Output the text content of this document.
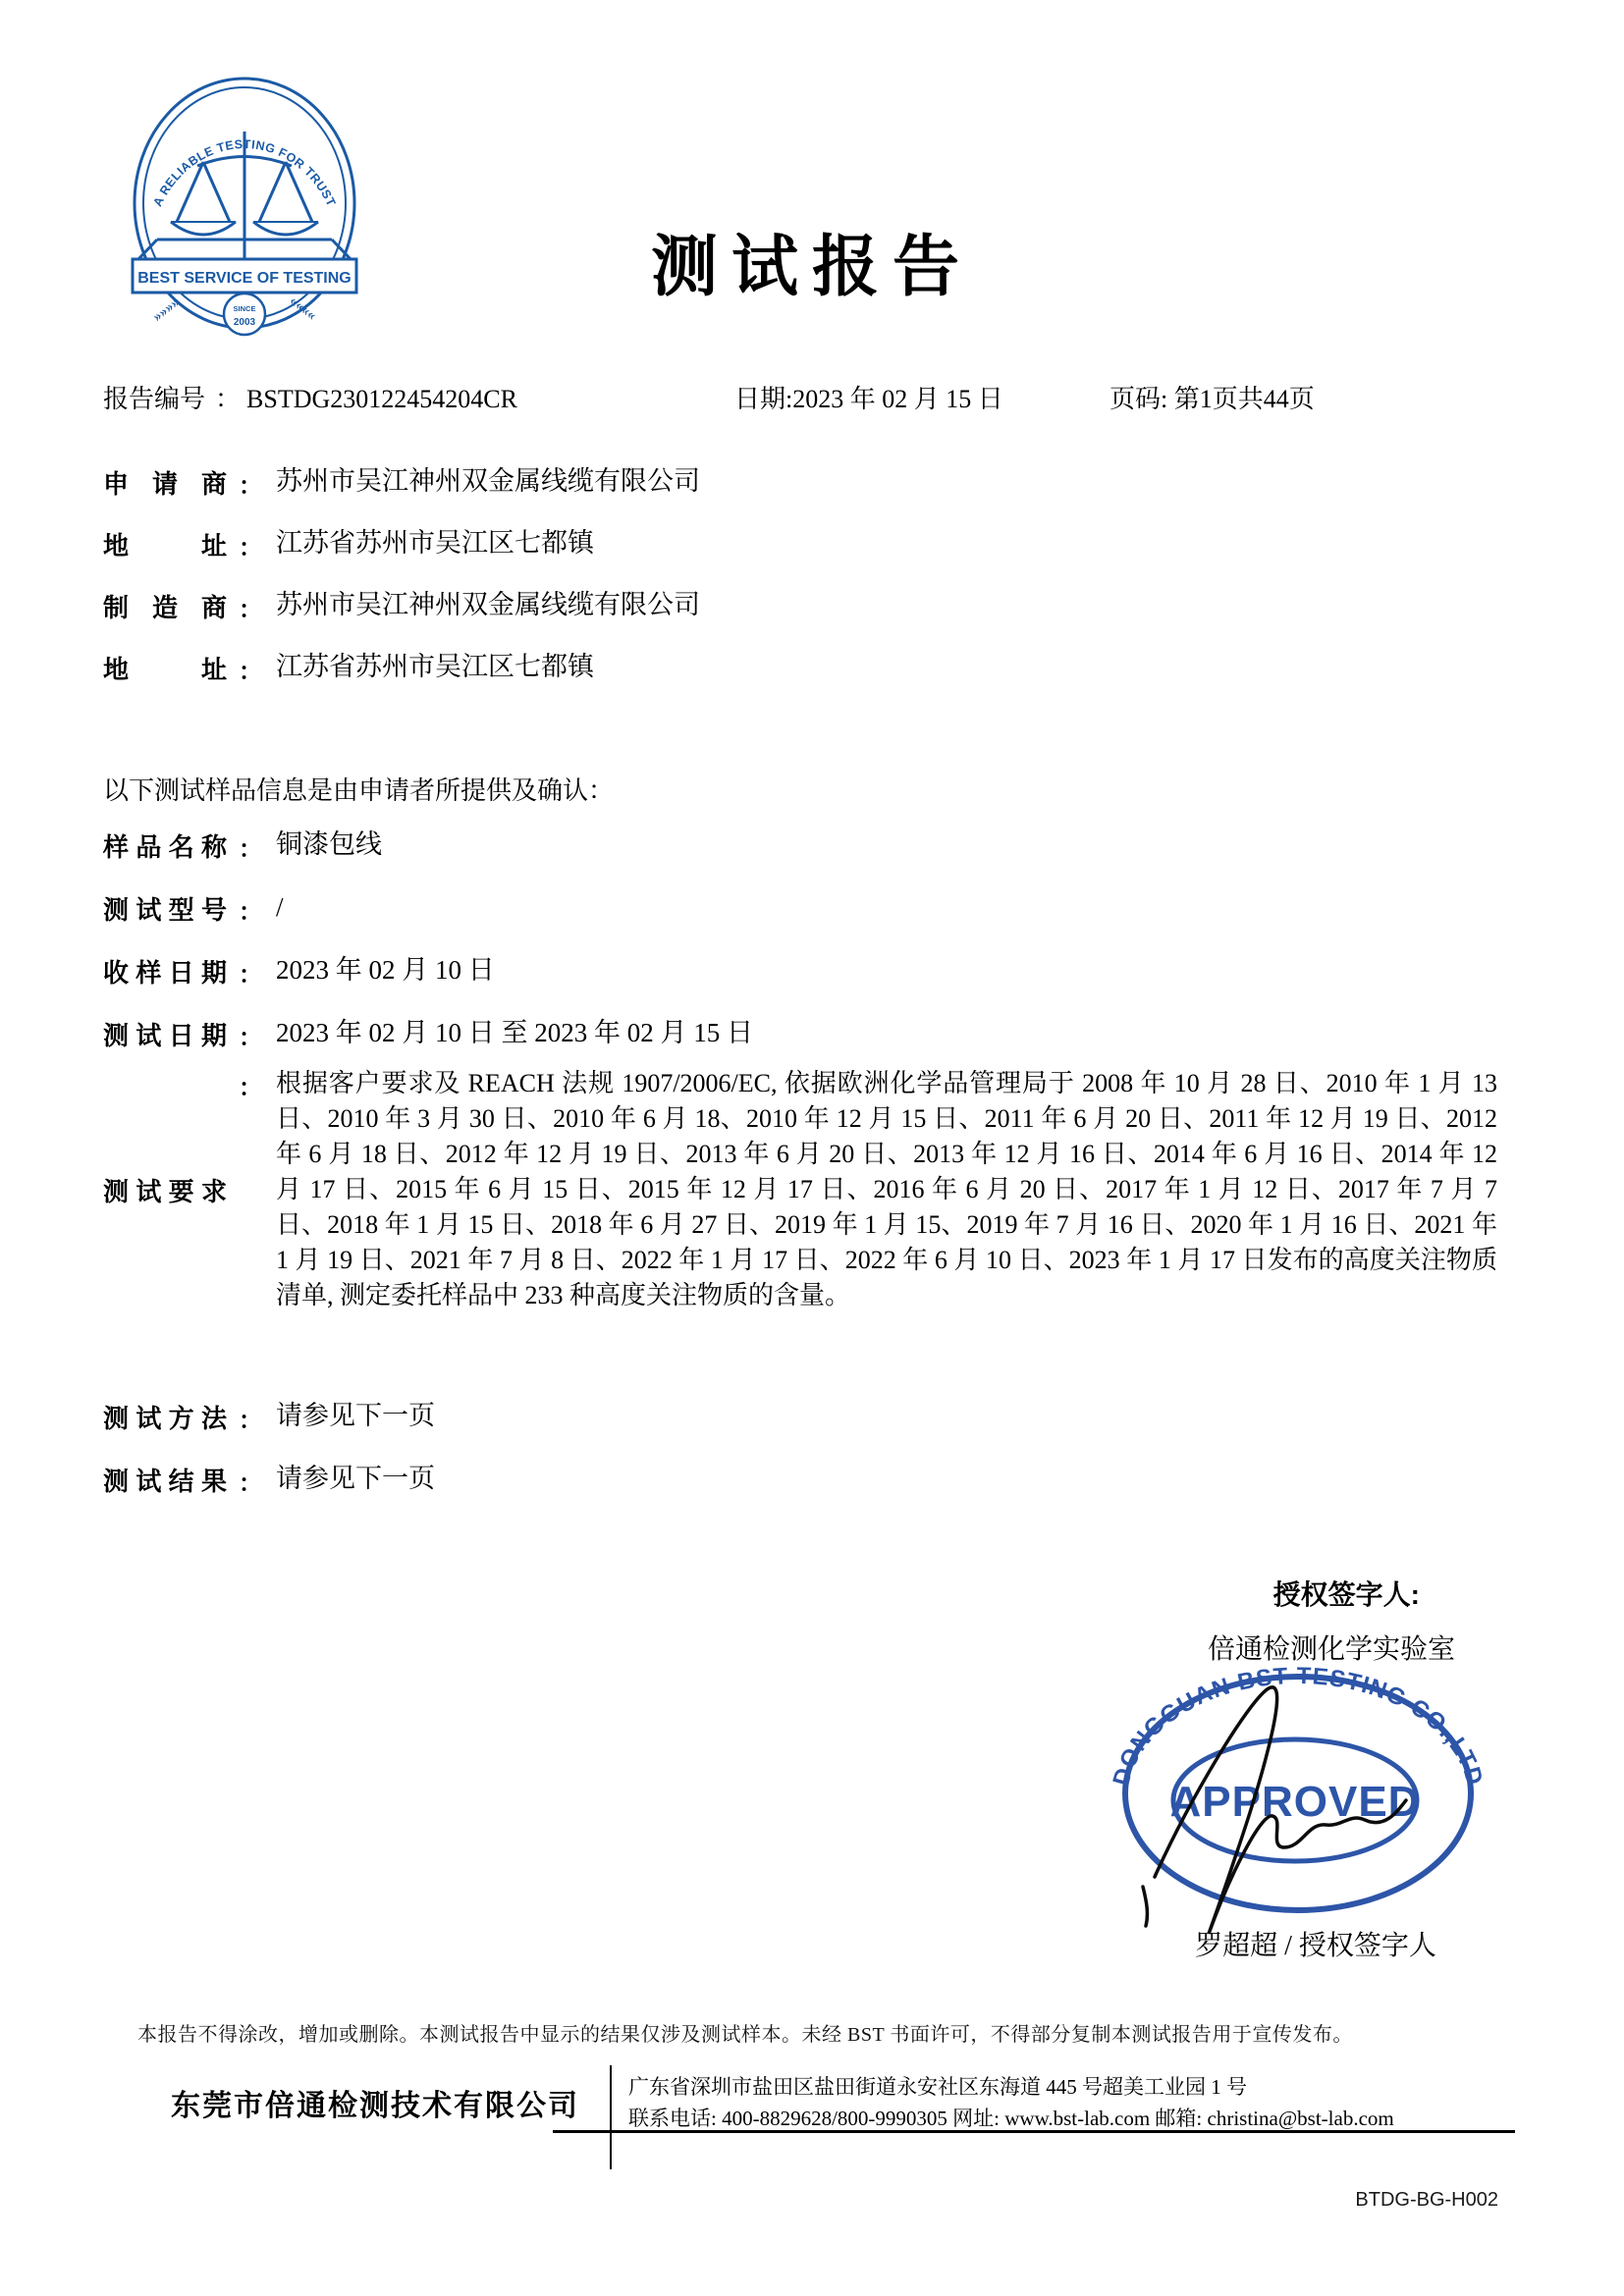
A RELIABLE TESTING FOR TRUST
BEST SERVICE OF TESTING
»»»»	««««
SINCE
2003
测试报告
报告编号 ： BSTDG230122454204CR	日期:2023 年 02 月 15 日	页码: 第1页共44页
申请商 ： 苏州市吴江神州双金属线缆有限公司
地址 ： 江苏省苏州市吴江区七都镇
制造商 ： 苏州市吴江神州双金属线缆有限公司
地址 ： 江苏省苏州市吴江区七都镇

以下测试样品信息是由申请者所提供及确认：

样品名称 ： 铜漆包线
测试型号 ： /
收样日期 ： 2023 年 02 月 10 日
测试日期 ： 2023 年 02 月 10 日 至 2023 年 02 月 15 日
测试要求
： 根据客户要求及 REACH 法规 1907/2006/EC, 依据欧洲化学品管理局于 2008 年 10 月 28 日、2010 年 1 月 13 日、2010 年 3 月 30 日、2010 年 6 月 18、2010 年 12 月 15 日、2011 年 6 月 20 日、2011 年 12 月 19 日、2012 年 6 月 18 日、2012 年 12 月 19 日、2013 年 6 月 20 日、2013 年 12 月 16 日、2014 年 6 月 16 日、2014 年 12 月 17 日、2015 年 6 月 15 日、2015 年 12 月 17 日、2016 年 6 月 20 日、2017 年 1 月 12 日、2017 年 7 月 7 日、2018 年 1 月 15 日、2018 年 6 月 27 日、2019 年 1 月 15、2019 年 7 月 16 日、2020 年 1 月 16 日、2021 年 1 月 19 日、2021 年 7 月 8 日、2022 年 1 月 17 日、2022 年 6 月 10 日、2023 年 1 月 17 日发布的高度关注物质清单, 测定委托样品中 233 种高度关注物质的含量。
测试方法 ： 请参见下一页
测试结果 ： 请参见下一页
授权签字人:
倍通检测化学实验室
DONGGUAN BST TESTING CO.,LTD
APPROVED
罗超超 / 授权签字人
本报告不得涂改，增加或删除。本测试报告中显示的结果仅涉及测试样本。未经 BST 书面许可，不得部分复制本测试报告用于宣传发布。
东莞市倍通检测技术有限公司
广东省深圳市盐田区盐田街道永安社区东海道 445 号超美工业园 1 号
联系电话: 400-8829628/800-9990305 网址: www.bst-lab.com 邮箱: christina@bst-lab.com
BTDG-BG-H002
